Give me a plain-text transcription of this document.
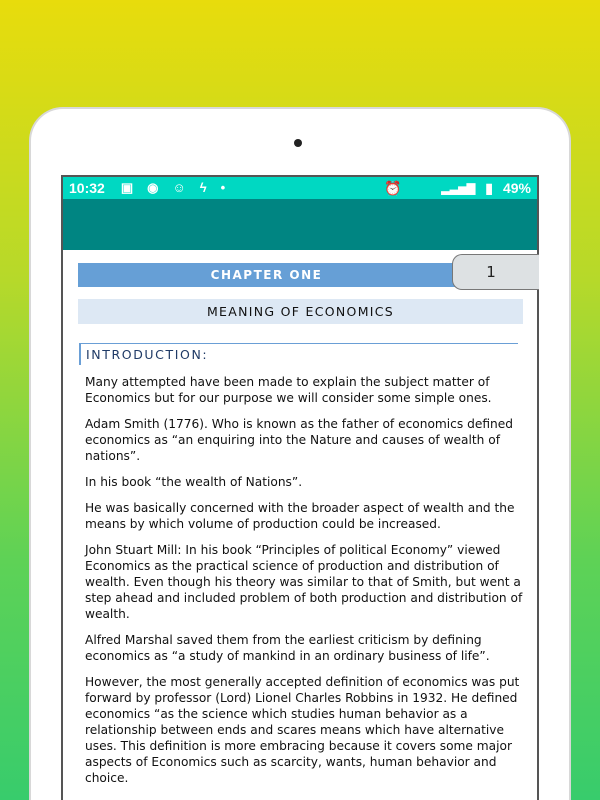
10:32 ▣ ◉ ☺ ϟ •	⏰	▂▃▅▇ ▮ 49%
CHAPTER ONE	1
MEANING OF ECONOMICS
INTRODUCTION:

Many attempted have been made to explain the subject matter of Economics but for our purpose we will consider some simple ones.

Adam Smith (1776). Who is known as the father of economics defined economics as “an enquiring into the Nature and causes of wealth of nations”.

In his book “the wealth of Nations”.

He was basically concerned with the broader aspect of wealth and the means by which volume of production could be increased.

John Stuart Mill: In his book “Principles of political Economy” viewed Economics as the practical science of production and distribution of wealth. Even though his theory was similar to that of Smith, but went a step ahead and included problem of both production and distribution of wealth.

Alfred Marshal saved them from the earliest criticism by defining economics as “a study of mankind in an ordinary business of life”.

However, the most generally accepted definition of economics was put forward by professor (Lord) Lionel Charles Robbins in 1932. He defined economics “as the science which studies human behavior as a relationship between ends and scares means which have alternative uses. This definition is more embracing because it covers some major aspects of Economics such as scarcity, wants, human behavior and choice.
